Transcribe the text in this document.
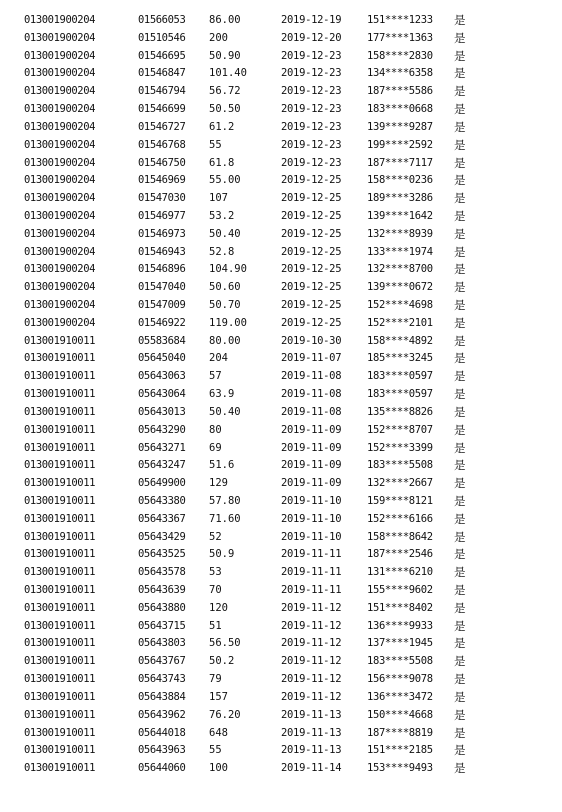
013001900204	01566053 86.00	2019-12-19 151****1233 是
013001900204	01510546 200	2019-12-20 177****1363 是
013001900204	01546695 50.90	2019-12-23 158****2830 是
013001900204	01546847 101.40	2019-12-23 134****6358 是
013001900204	01546794 56.72	2019-12-23 187****5586 是
013001900204	01546699 50.50	2019-12-23 183****0668 是
013001900204	01546727 61.2	2019-12-23 139****9287 是
013001900204	01546768 55	2019-12-23 199****2592 是
013001900204	01546750 61.8	2019-12-23 187****7117 是
013001900204	01546969 55.00	2019-12-25 158****0236 是
013001900204	01547030 107	2019-12-25 189****3286 是
013001900204	01546977 53.2	2019-12-25 139****1642 是
013001900204	01546973 50.40	2019-12-25 132****8939 是
013001900204	01546943 52.8	2019-12-25 133****1974 是
013001900204	01546896 104.90	2019-12-25 132****8700 是
013001900204	01547040 50.60	2019-12-25 139****0672 是
013001900204	01547009 50.70	2019-12-25 152****4698 是
013001900204	01546922 119.00	2019-12-25 152****2101 是
013001910011	05583684 80.00	2019-10-30 158****4892 是
013001910011	05645040 204	2019-11-07 185****3245 是
013001910011	05643063 57	2019-11-08 183****0597 是
013001910011	05643064 63.9	2019-11-08 183****0597 是
013001910011	05643013 50.40	2019-11-08 135****8826 是
013001910011	05643290 80	2019-11-09 152****8707 是
013001910011	05643271 69	2019-11-09 152****3399 是
013001910011	05643247 51.6	2019-11-09 183****5508 是
013001910011	05649900 129	2019-11-09 132****2667 是
013001910011	05643380 57.80	2019-11-10 159****8121 是
013001910011	05643367 71.60	2019-11-10 152****6166 是
013001910011	05643429 52	2019-11-10 158****8642 是
013001910011	05643525 50.9	2019-11-11 187****2546 是
013001910011	05643578 53	2019-11-11 131****6210 是
013001910011	05643639 70	2019-11-11 155****9602 是
013001910011	05643880 120	2019-11-12 151****8402 是
013001910011	05643715 51	2019-11-12 136****9933 是
013001910011	05643803 56.50	2019-11-12 137****1945 是
013001910011	05643767 50.2	2019-11-12 183****5508 是
013001910011	05643743 79	2019-11-12 156****9078 是
013001910011	05643884 157	2019-11-12 136****3472 是
013001910011	05643962 76.20	2019-11-13 150****4668 是
013001910011	05644018 648	2019-11-13 187****8819 是
013001910011	05643963 55	2019-11-13 151****2185 是
013001910011	05644060 100	2019-11-14 153****9493 是
